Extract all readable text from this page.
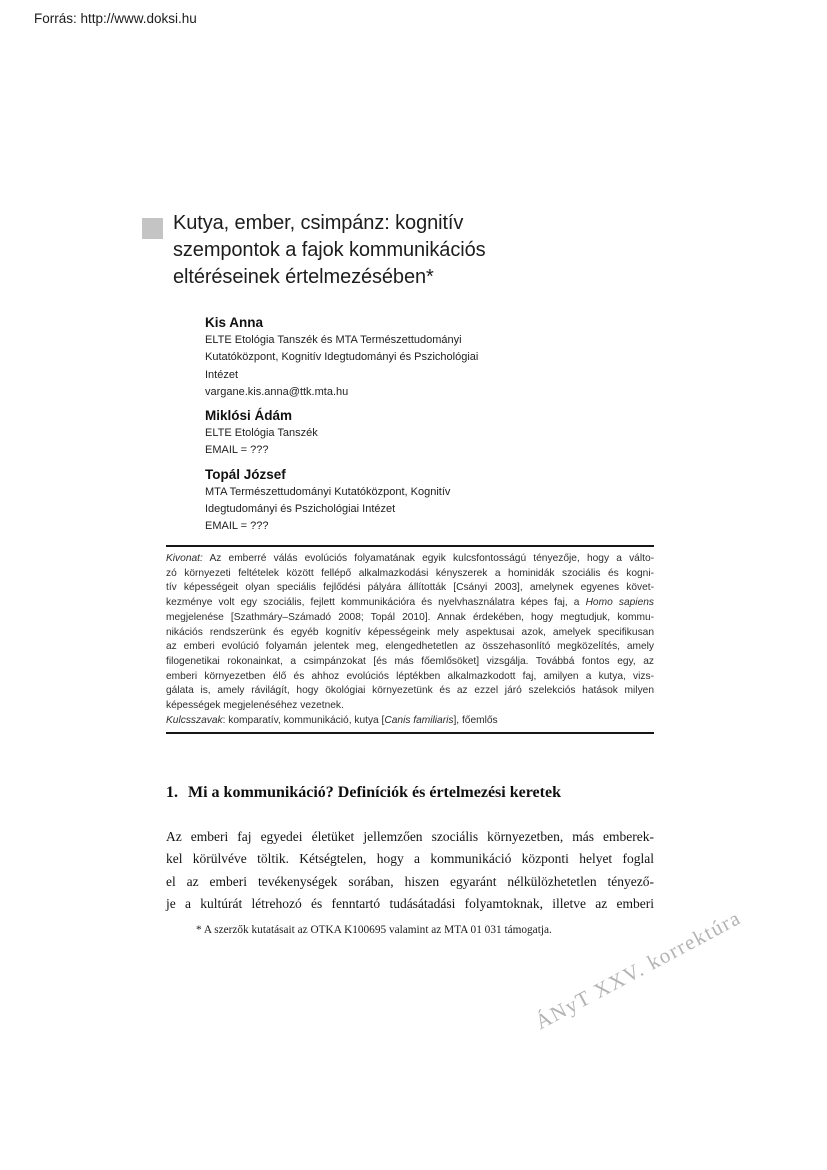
Forrás: http://www.doksi.hu
Kutya, ember, csimpánz: kognitív
szempontok a fajok kommunikációs
eltéréseinek értelmezésében*
Kis Anna
ELTE Etológia Tanszék és MTA Természettudományi
Kutatóközpont, Kognitív Idegtudományi és Pszichológiai
Intézet
vargane.kis.anna@ttk.mta.hu
Miklósi Ádám
ELTE Etológia Tanszék
EMAIL = ???
Topál József
MTA Természettudományi Kutatóközpont, Kognitív
Idegtudományi és Pszichológiai Intézet
EMAIL = ???
Kivonat: Az emberré válás evolúciós folyamatának egyik kulcsfontosságú tényezője, hogy a válto-
zó környezeti feltételek között fellépő alkalmazkodási kényszerek a hominidák szociális és kogni-
tív képességeit olyan speciális fejlődési pályára állították [Csányi 2003], amelynek egyenes követ-
kezménye volt egy szociális, fejlett kommunikációra és nyelvhasználatra képes faj, a Homo sapiens
megjelenése [Szathmáry–Számadó 2008; Topál 2010]. Annak érdekében, hogy megtudjuk, kommu-
nikációs rendszerünk és egyéb kognitív képességeink mely aspektusai azok, amelyek specifikusan
az emberi evolúció folyamán jelentek meg, elengedhetetlen az összehasonlító megközelítés, amely
filogenetikai rokonainkat, a csimpánzokat [és más főemlősöket] vizsgálja. Továbbá fontos egy, az
emberi környezetben élő és ahhoz evolúciós léptékben alkalmazkodott faj, amilyen a kutya, vizs-
gálata is, amely rávilágít, hogy ökológiai környezetünk és az ezzel járó szelekciós hatások milyen
képességek megjelenéséhez vezetnek.
Kulcsszavak: komparatív, kommunikáció, kutya [Canis familiaris], főemlős
1. Mi a kommunikáció? Definíciók és értelmezési keretek
Az emberi faj egyedei életüket jellemzően szociális környezetben, más emberek-
kel körülvéve töltik. Kétségtelen, hogy a kommunikáció központi helyet foglal
el az emberi tevékenységek sorában, hiszen egyaránt nélkülözhetetlen tényező-
je a kultúrát létrehozó és fenntartó tudásátadási folyamtoknak, illetve az emberi
* A szerzők kutatásait az OTKA K100695 valamint az MTA 01 031 támogatja.
ÁNyT XXV. korrektúra
